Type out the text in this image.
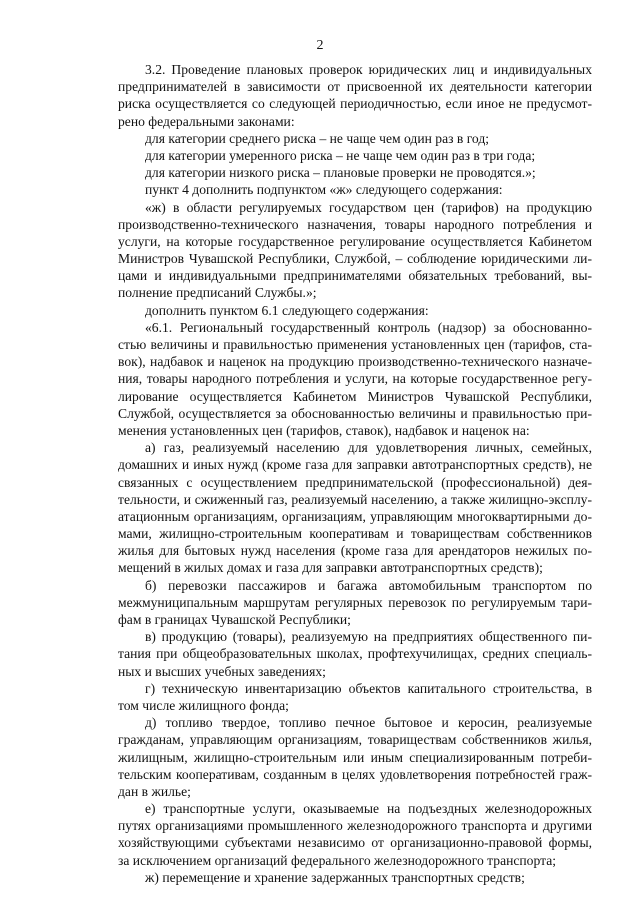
2
3.2. Проведение плановых проверок юридических лиц и индивидуальных
предпринимателей в зависимости от присвоенной их деятельности категории
риска осуществляется со следующей периодичностью, если иное не предусмот-
рено федеральными законами:
для категории среднего риска – не чаще чем один раз в год;
для категории умеренного риска – не чаще чем один раз в три года;
для категории низкого риска – плановые проверки не проводятся.»;
пункт 4 дополнить подпунктом «ж» следующего содержания:
«ж) в области регулируемых государством цен (тарифов) на продукцию
производственно-технического назначения, товары народного потребления и
услуги, на которые государственное регулирование осуществляется Кабинетом
Министров Чувашской Республики, Службой, – соблюдение юридическими ли-
цами и индивидуальными предпринимателями обязательных требований, вы-
полнение предписаний Службы.»;
дополнить пунктом 6.1 следующего содержания:
«6.1. Региональный государственный контроль (надзор) за обоснованно-
стью величины и правильностью применения установленных цен (тарифов, ста-
вок), надбавок и наценок на продукцию производственно-технического назначе-
ния, товары народного потребления и услуги, на которые государственное регу-
лирование осуществляется Кабинетом Министров Чувашской Республики,
Службой, осуществляется за обоснованностью величины и правильностью при-
менения установленных цен (тарифов, ставок), надбавок и наценок на:
а) газ, реализуемый населению для удовлетворения личных, семейных,
домашних и иных нужд (кроме газа для заправки автотранспортных средств), не
связанных с осуществлением предпринимательской (профессиональной) дея-
тельности, и сжиженный газ, реализуемый населению, а также жилищно-эксплу-
атационным организациям, организациям, управляющим многоквартирными до-
мами, жилищно-строительным кооперативам и товариществам собственников
жилья для бытовых нужд населения (кроме газа для арендаторов нежилых по-
мещений в жилых домах и газа для заправки автотранспортных средств);
б) перевозки пассажиров и багажа автомобильным транспортом по
межмуниципальным маршрутам регулярных перевозок по регулируемым тари-
фам в границах Чувашской Республики;
в) продукцию (товары), реализуемую на предприятиях общественного пи-
тания при общеобразовательных школах, профтехучилищах, средних специаль-
ных и высших учебных заведениях;
г) техническую инвентаризацию объектов капитального строительства, в
том числе жилищного фонда;
д) топливо твердое, топливо печное бытовое и керосин, реализуемые
гражданам, управляющим организациям, товариществам собственников жилья,
жилищным, жилищно-строительным или иным специализированным потреби-
тельским кооперативам, созданным в целях удовлетворения потребностей граж-
дан в жилье;
е) транспортные услуги, оказываемые на подъездных железнодорожных
путях организациями промышленного железнодорожного транспорта и другими
хозяйствующими субъектами независимо от организационно-правовой формы,
за исключением организаций федерального железнодорожного транспорта;
ж) перемещение и хранение задержанных транспортных средств;
